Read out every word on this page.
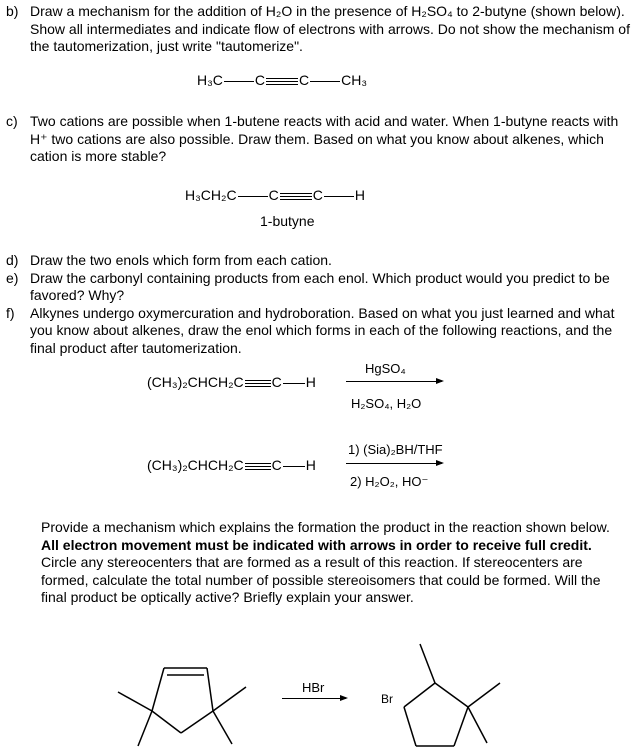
b) Draw a mechanism for the addition of H₂O in the presence of H₂SO₄ to 2-butyne (shown below). Show all intermediates and indicate flow of electrons with arrows. Do not show the mechanism of the tautomerization, just write "tautomerize".
H₃C C C CH₃
c) Two cations are possible when 1-butene reacts with acid and water. When 1-butyne reacts with H⁺ two cations are also possible. Draw them. Based on what you know about alkenes, which cation is more stable?
H₃CH₂C C C H
1-butyne
d) Draw the two enols which form from each cation.
e) Draw the carbonyl containing products from each enol. Which product would you predict to be favored? Why?
f) Alkynes undergo oxymercuration and hydroboration. Based on what you just learned and what you know about alkenes, draw the enol which forms in each of the following reactions, and the final product after tautomerization.
(CH₃)₂CHCH₂C C H
HgSO₄
H₂SO₄, H₂O
(CH₃)₂CHCH₂C C H
1) (Sia)₂BH/THF
2) H₂O₂, HO⁻
Provide a mechanism which explains the formation the product in the reaction shown below. All electron movement must be indicated with arrows in order to receive full credit. Circle any stereocenters that are formed as a result of this reaction. If stereocenters are formed, calculate the total number of possible stereoisomers that could be formed. Will the final product be optically active? Briefly explain your answer.
HBr
Br
